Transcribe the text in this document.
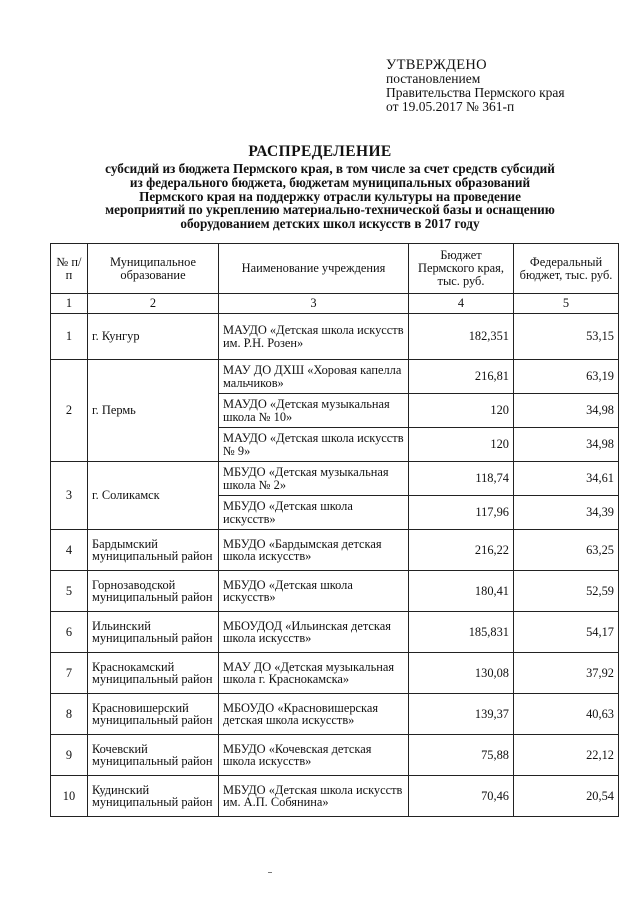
УТВЕРЖДЕНО
постановлением
Правительства Пермского края
от 19.05.2017 № 361-п
РАСПРЕДЕЛЕНИЕ
субсидий из бюджета Пермского края, в том числе за счет средств субсидий
из федерального бюджета, бюджетам муниципальных образований
Пермского края на поддержку отрасли культуры на проведение
мероприятий по укреплению материально-технической базы и оснащению
оборудованием детских школ искусств в 2017 году
№ п/п	Муниципальное образование	Наименование учреждения	Бюджет Пермского края, тыс. руб.	Федеральный бюджет, тыс. руб.
1	2	3	4	5
1	г. Кунгур	МАУДО «Детская школа искусств им. Р.Н. Розен»	182,351	53,15
2	г. Пермь	МАУ ДО ДХШ «Хоровая капелла мальчиков»	216,81	63,19
		МАУДО «Детская музыкальная школа № 10»	120	34,98
		МАУДО «Детская школа искусств № 9»	120	34,98
3	г. Соликамск	МБУДО «Детская музыкальная школа № 2»	118,74	34,61
		МБУДО «Детская школа искусств»	117,96	34,39
4	Бардымский муниципальный район	МБУДО «Бардымская детская школа искусств»	216,22	63,25
5	Горнозаводской муниципальный район	МБУДО «Детская школа искусств»	180,41	52,59
6	Ильинский муниципальный район	МБОУДОД «Ильинская детская школа искусств»	185,831	54,17
7	Краснокамский муниципальный район	МАУ ДО «Детская музыкальная школа г. Краснокамска»	130,08	37,92
8	Красновишерский муниципальный район	МБОУДО «Красновишерская детская школа искусств»	139,37	40,63
9	Кочевский муниципальный район	МБУДО «Кочевская детская школа искусств»	75,88	22,12
10	Кудинский муниципальный район	МБУДО «Детская школа искусств им. А.П. Собянина»	70,46	20,54
